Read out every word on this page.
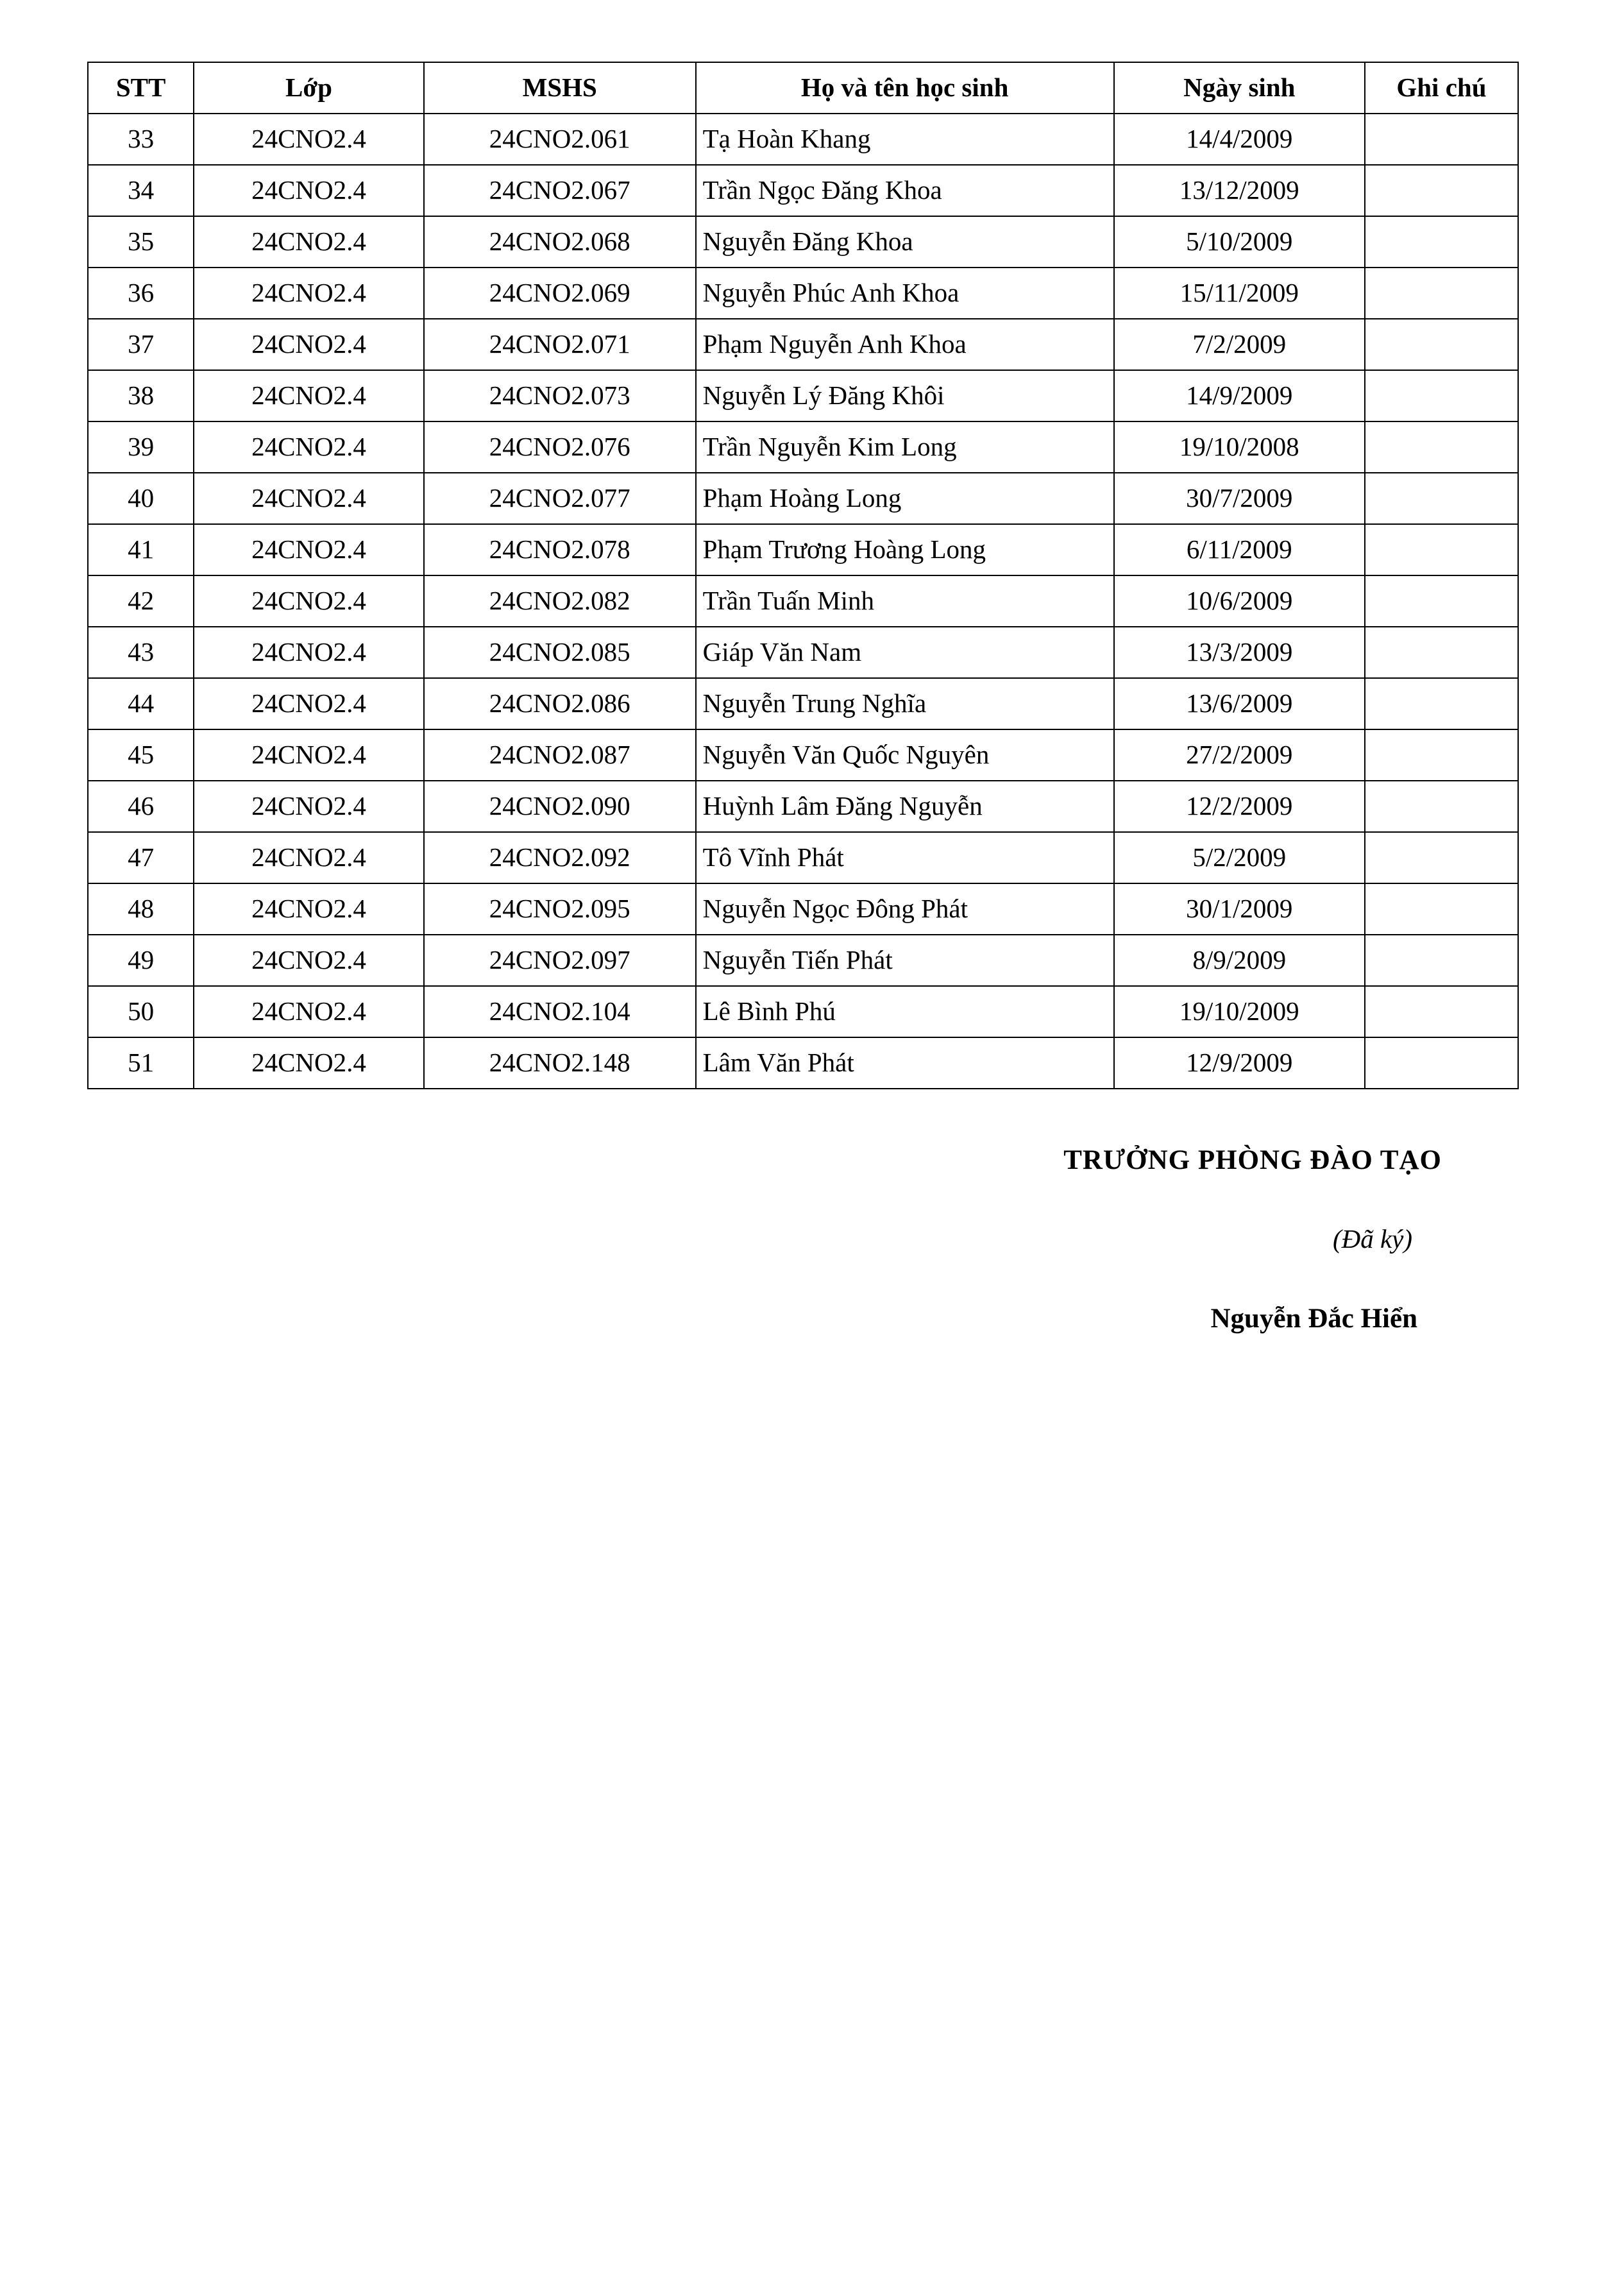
STT	Lớp	MSHS	Họ và tên học sinh	Ngày sinh	Ghi chú
33	24CNO2.4	24CNO2.061	Tạ Hoàn Khang	14/4/2009	
34	24CNO2.4	24CNO2.067	Trần Ngọc Đăng Khoa	13/12/2009	
35	24CNO2.4	24CNO2.068	Nguyễn Đăng Khoa	5/10/2009	
36	24CNO2.4	24CNO2.069	Nguyễn Phúc Anh Khoa	15/11/2009	
37	24CNO2.4	24CNO2.071	Phạm Nguyễn Anh Khoa	7/2/2009	
38	24CNO2.4	24CNO2.073	Nguyễn Lý Đăng Khôi	14/9/2009	
39	24CNO2.4	24CNO2.076	Trần Nguyễn Kim Long	19/10/2008	
40	24CNO2.4	24CNO2.077	Phạm Hoàng Long	30/7/2009	
41	24CNO2.4	24CNO2.078	Phạm Trương Hoàng Long	6/11/2009	
42	24CNO2.4	24CNO2.082	Trần Tuấn Minh	10/6/2009	
43	24CNO2.4	24CNO2.085	Giáp Văn Nam	13/3/2009	
44	24CNO2.4	24CNO2.086	Nguyễn Trung Nghĩa	13/6/2009	
45	24CNO2.4	24CNO2.087	Nguyễn Văn Quốc Nguyên	27/2/2009	
46	24CNO2.4	24CNO2.090	Huỳnh Lâm Đăng Nguyễn	12/2/2009	
47	24CNO2.4	24CNO2.092	Tô Vĩnh Phát	5/2/2009	
48	24CNO2.4	24CNO2.095	Nguyễn Ngọc Đông Phát	30/1/2009	
49	24CNO2.4	24CNO2.097	Nguyễn Tiến Phát	8/9/2009	
50	24CNO2.4	24CNO2.104	Lê Bình Phú	19/10/2009	
51	24CNO2.4	24CNO2.148	Lâm Văn Phát	12/9/2009	
TRƯỞNG PHÒNG ĐÀO TẠO
(Đã ký)
Nguyễn Đắc Hiển
